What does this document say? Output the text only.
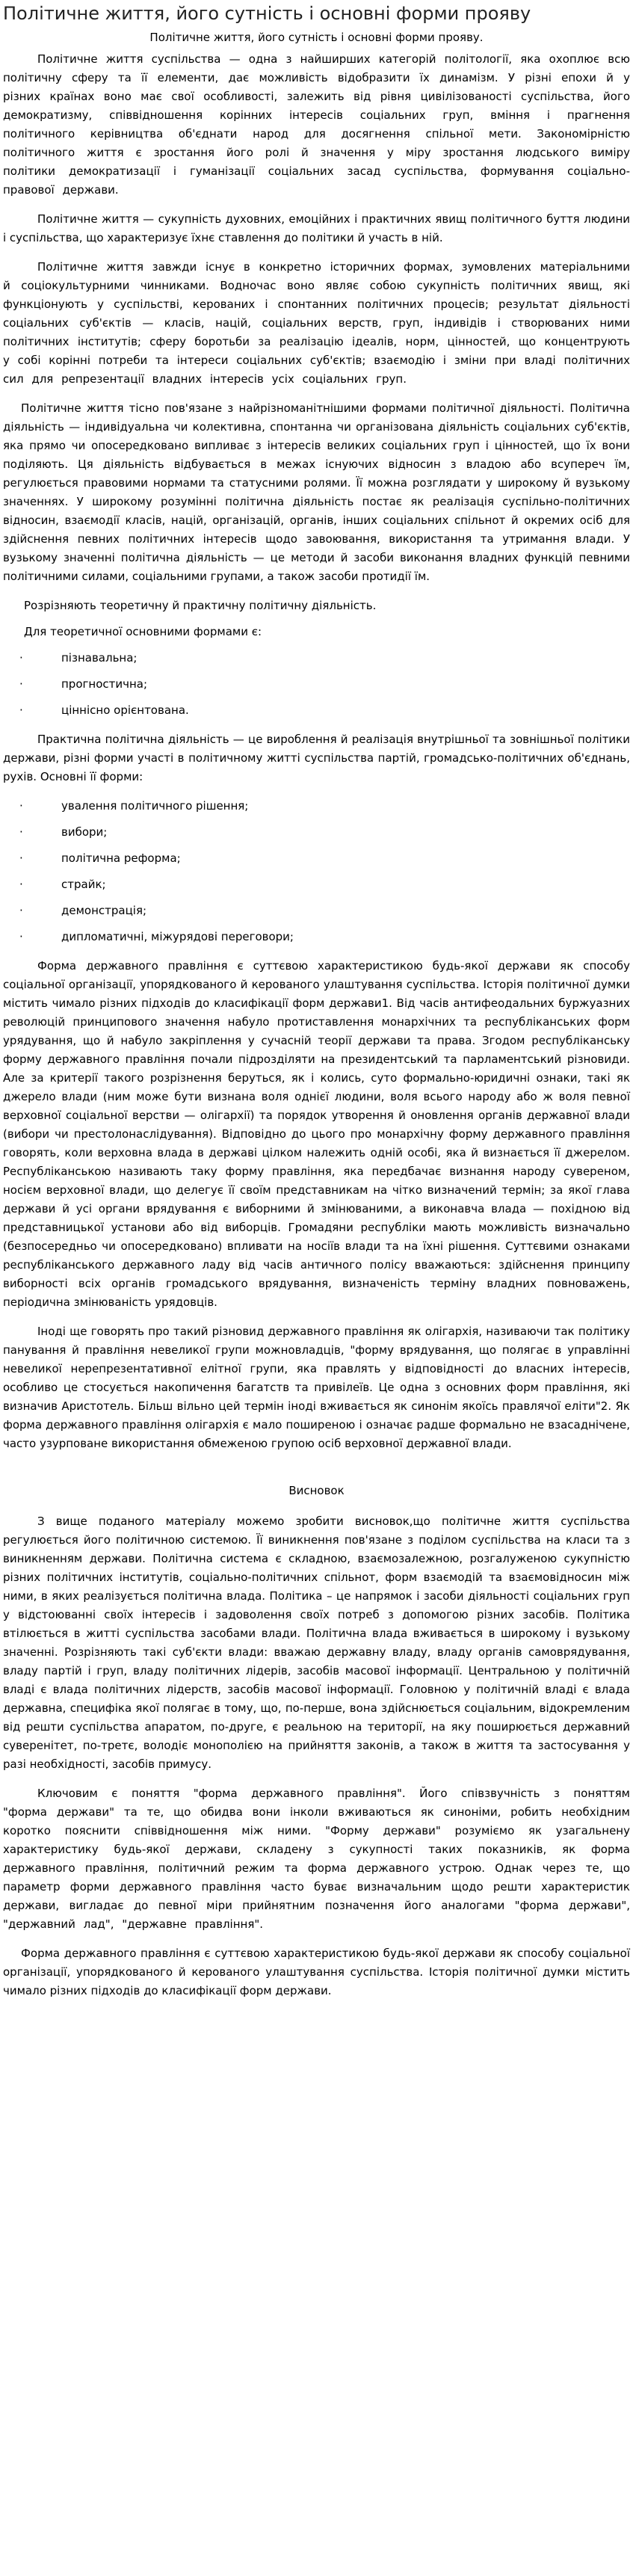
Політичне життя, його сутність і основні форми прояву

Політичне життя, його сутність і основні форми прояву.

Політичне життя суспільства — одна з найширших категорій політології, яка охоплює всю політичну сферу та її елементи, дає можливість відобразити їх динамізм. У різні епохи й у різних країнах воно має свої особливості, залежить від рівня цивілізованості суспільства, його демократизму, співвідношення корінних інтересів соціальних груп, вміння і прагнення політичного керівництва об'єднати народ для досягнення спільної мети. Закономірністю політичного життя є зростання його ролі й значення у міру зростання людського виміру політики демократизації і гуманізації соціальних засад суспільства, формування соціально-правової держави.

Політичне життя — сукупність духовних, емоційних і практичних явищ політичного буття людини і суспільства, що характеризує їхнє ставлення до політики й участь в ній.

Політичне життя завжди існує в конкретно історичних формах, зумовлених матеріальними й соціокультурними чинниками. Водночас воно являє собою сукупність політичних явищ, які функціонують у суспільстві, керованих і спонтанних політичних процесів; результат діяльності соціальних суб'єктів — класів, націй, соціальних верств, груп, індивідів і створюваних ними політичних інститутів; сферу боротьби за реалізацію ідеалів, норм, цінностей, що концентрують у собі корінні потреби та інтереси соціальних суб'єктів; взаємодію і зміни при владі політичних сил для репрезентації владних інтересів усіх соціальних груп.

Політичне життя тісно пов'язане з найрізноманітнішими формами політичної діяльності. Політична діяльність — індивідуальна чи колективна, спонтанна чи організована діяльність соціальних суб'єктів, яка прямо чи опосередковано випливає з інтересів великих соціальних груп і цінностей, що їх вони поділяють. Ця діяльність відбувається в межах існуючих відносин з владою або всупереч їм, регулюється правовими нормами та статусними ролями. Її можна розглядати у широкому й вузькому значеннях. У широкому розумінні політична діяльність постає як реалізація суспільно-політичних відносин, взаємодії класів, націй, організацій, органів, інших соціальних спільнот й окремих осіб для здійснення певних політичних інтересів щодо завоювання, використання та утримання влади. У вузькому значенні політична діяльність — це методи й засоби виконання владних функцій певними політичними силами, соціальними групами, а також засоби протидії їм.

Розрізняють теоретичну й практичну політичну діяльність.

Для теоретичної основними формами є:

·	пізнавальна;
·	прогностична;
·	ціннісно орієнтована.

Практична політична діяльність — це вироблення й реалізація внутрішньої та зовнішньої політики держави, різні форми участі в політичному житті суспільства партій, громадсько-політичних об'єднань, рухів. Основні її форми:

·	увалення політичного рішення;
·	вибори;
·	політична реформа;
·	страйк;
·	демонстрація;
·	дипломатичні, міжурядові переговори;

Форма державного правління є суттєвою характеристикою будь-якої держави як способу соціальної організації, упорядкованого й керованого улаштування суспільства. Історія політичної думки містить чимало різних підходів до класифікації форм держави1. Від часів антифеодальних буржуазних революцій принципового значення набуло протиставлення монархічних та республіканських форм урядування, що й набуло закріплення у сучасній теорії держави та права. Згодом республіканську форму державного правління почали підрозділяти на президентський та парламентський різновиди. Але за критерії такого розрізнення беруться, як і колись, суто формально-юридичні ознаки, такі як джерело влади (ним може бути визнана воля однієї людини, воля всього народу або ж воля певної верховної соціальної верстви — олігархії) та порядок утворення й оновлення органів державної влади (вибори чи престолонаслідування). Відповідно до цього про монархічну форму державного правління говорять, коли верховна влада в державі цілком належить одній особі, яка й визнається її джерелом. Республіканською називають таку форму правління, яка передбачає визнання народу сувереном, носієм верховної влади, що делегує її своїм представникам на чітко визначений термін; за якої глава держави й усі органи врядування є виборними й змінюваними, а виконавча влада — похідною від представницької установи або від виборців. Громадяни республіки мають можливість визначально (безпосередньо чи опосередковано) впливати на носіїв влади та на їхні рішення. Суттєвими ознаками республіканського державного ладу від часів античного полісу вважаються: здійснення принципу виборності всіх органів громадського врядування, визначеність терміну владних повноважень, періодична змінюваність урядовців.

Іноді ще говорять про такий різновид державного правління як олігархія, називаючи так політику панування й правління невеликої групи можновладців, "форму врядування, що полягає в управлінні невеликої нерепрезентативної елітної групи, яка правлять у відповідності до власних інтересів, особливо це стосується накопичення багатств та привілеїв. Це одна з основних форм правління, які визначив Аристотель. Більш вільно цей термін іноді вживається як синонім якоїсь правлячої еліти"2. Як форма державного правління олігархія є мало поширеною і означає радше формально не взасаднічене, часто узурповане використання обмеженою групою осіб верховної державної влади.

Висновок

З вище поданого матеріалу можемо зробити висновок,що політичне життя суспільства регулюється його політичною системою. Її виникнення пов'язане з поділом суспільства на класи та з виникненням держави. Політична система є складною, взаємозалежною, розгалуженою сукупністю різних політичних інститутів, соціально-політичних спільнот, форм взаємодій та взаємовідносин між ними, в яких реалізується політична влада. Політика – це напрямок і засоби діяльності соціальних груп у відстоюванні своїх інтересів і задоволення своїх потреб з допомогою різних засобів. Політика втілюється в житті суспільства засобами влади. Політична влада вживається в широкому і вузькому значенні. Розрізняють такі суб'єкти влади: вважаю державну владу, владу органів самоврядування, владу партій і груп, владу політичних лідерів, засобів масової інформації. Центральною у політичній владі є влада політичних лідерств, засобів масової інформації. Головною у політичній владі є влада державна, специфіка якої полягає в тому, що, по-перше, вона здійснюється соціальним, відокремленим від решти суспільства апаратом, по-друге, є реальною на території, на яку поширюється державний суверенітет, по-третє, володіє монополією на прийняття законів, а також в життя та застосування у разі необхідності, засобів примусу.

Ключовим є поняття "форма державного правління". Його співзвучність з поняттям "форма держави" та те, що обидва вони інколи вживаються як синоніми, робить необхідним коротко пояснити співвідношення між ними. "Форму держави" розуміємо як узагальнену характеристику будь-якої держави, складену з сукупності таких показників, як форма державного правління, політичний режим та форма державного устрою. Однак через те, що параметр форми державного правління часто буває визначальним щодо решти характеристик держави, вигладає до певної міри прийнятним позначення його аналогами "форма держави", "державний лад", "державне правління".

Форма державного правління є суттєвою характеристикою будь-якої держави як способу соціальної організації, упорядкованого й керованого улаштування суспільства. Історія політичної думки містить чимало різних підходів до класифікації форм держави.
